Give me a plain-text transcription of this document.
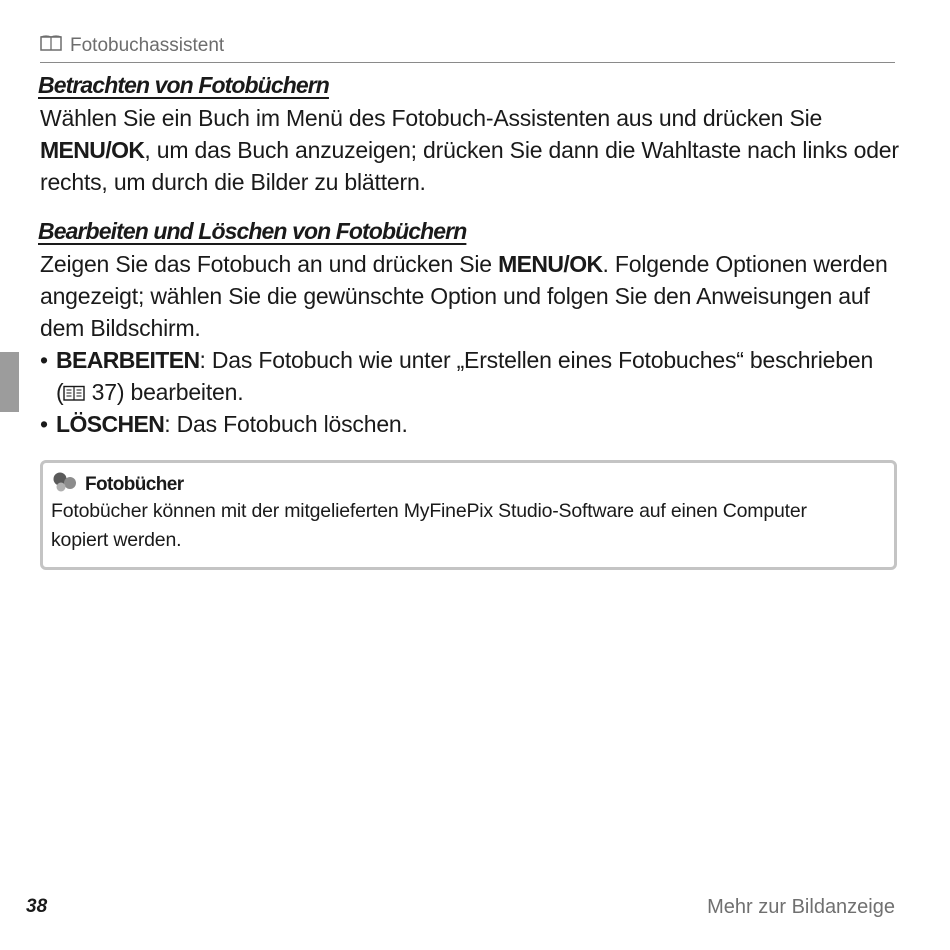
Fotobuchassistent
Betrachten von Fotobüchern
Wählen Sie ein Buch im Menü des Fotobuch-Assistenten aus und drücken Sie MENU/OK, um das Buch anzuzeigen; drücken Sie dann die Wahltaste nach links oder rechts, um durch die Bilder zu blättern.
Bearbeiten und Löschen von Fotobüchern
Zeigen Sie das Fotobuch an und drücken Sie MENU/OK. Folgende Optionen werden angezeigt; wählen Sie die gewünschte Option und folgen Sie den Anweisungen auf dem Bildschirm.
• BEARBEITEN: Das Fotobuch wie unter „Erstellen eines Fotobuches“ beschrieben
( 37) bearbeiten.
• LÖSCHEN: Das Fotobuch löschen.
Fotobücher
Fotobücher können mit der mitgelieferten MyFinePix Studio-Software auf einen Computer kopiert werden.
38	Mehr zur Bildanzeige
